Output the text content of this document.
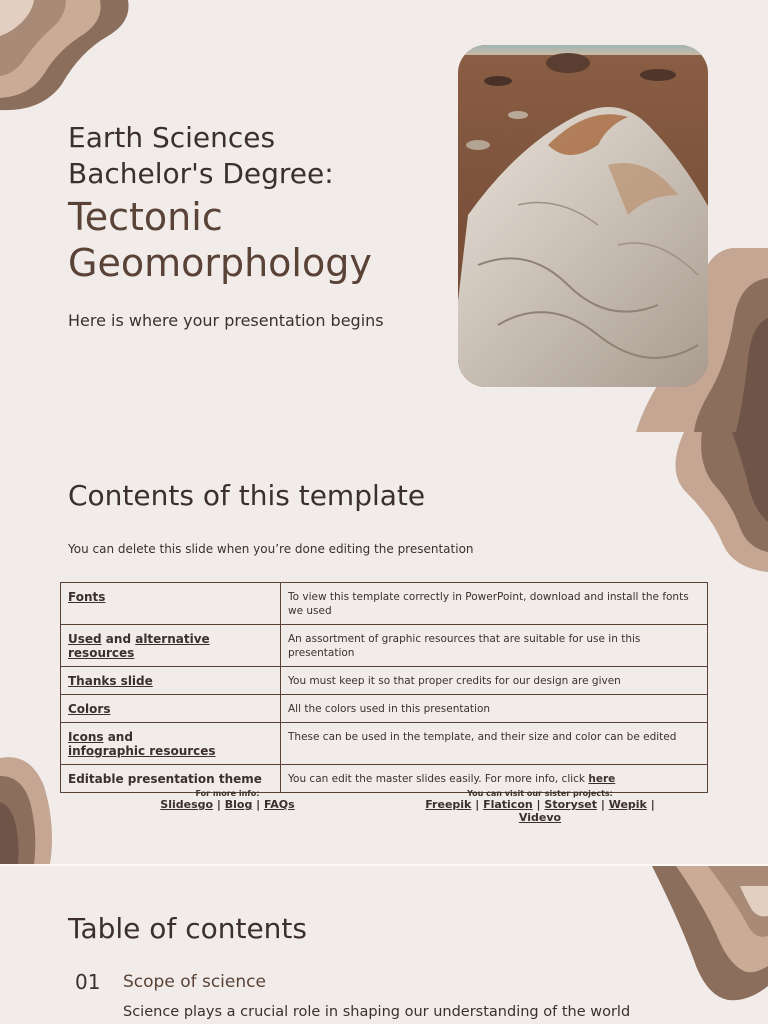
Earth Sciences
Bachelor's Degree:
Tectonic
Geomorphology
Here is where your presentation begins
Contents of this template
You can delete this slide when you’re done editing the presentation
Fonts	To view this template correctly in PowerPoint, download and install the fonts we used
Used and alternative
resources	An assortment of graphic resources that are suitable for use in this presentation
Thanks slide	You must keep it so that proper credits for our design are given
Colors	All the colors used in this presentation
Icons and
infographic resources	These can be used in the template, and their size and color can be edited
Editable presentation theme	You can edit the master slides easily. For more info, click here
For more info:
Slidesgo | Blog | FAQs
You can visit our sister projects:
Freepik | Flaticon | Storyset | Wepik |
Videvo
Table of contents
01 Scope of science
Science plays a crucial role in shaping our understanding of the world
